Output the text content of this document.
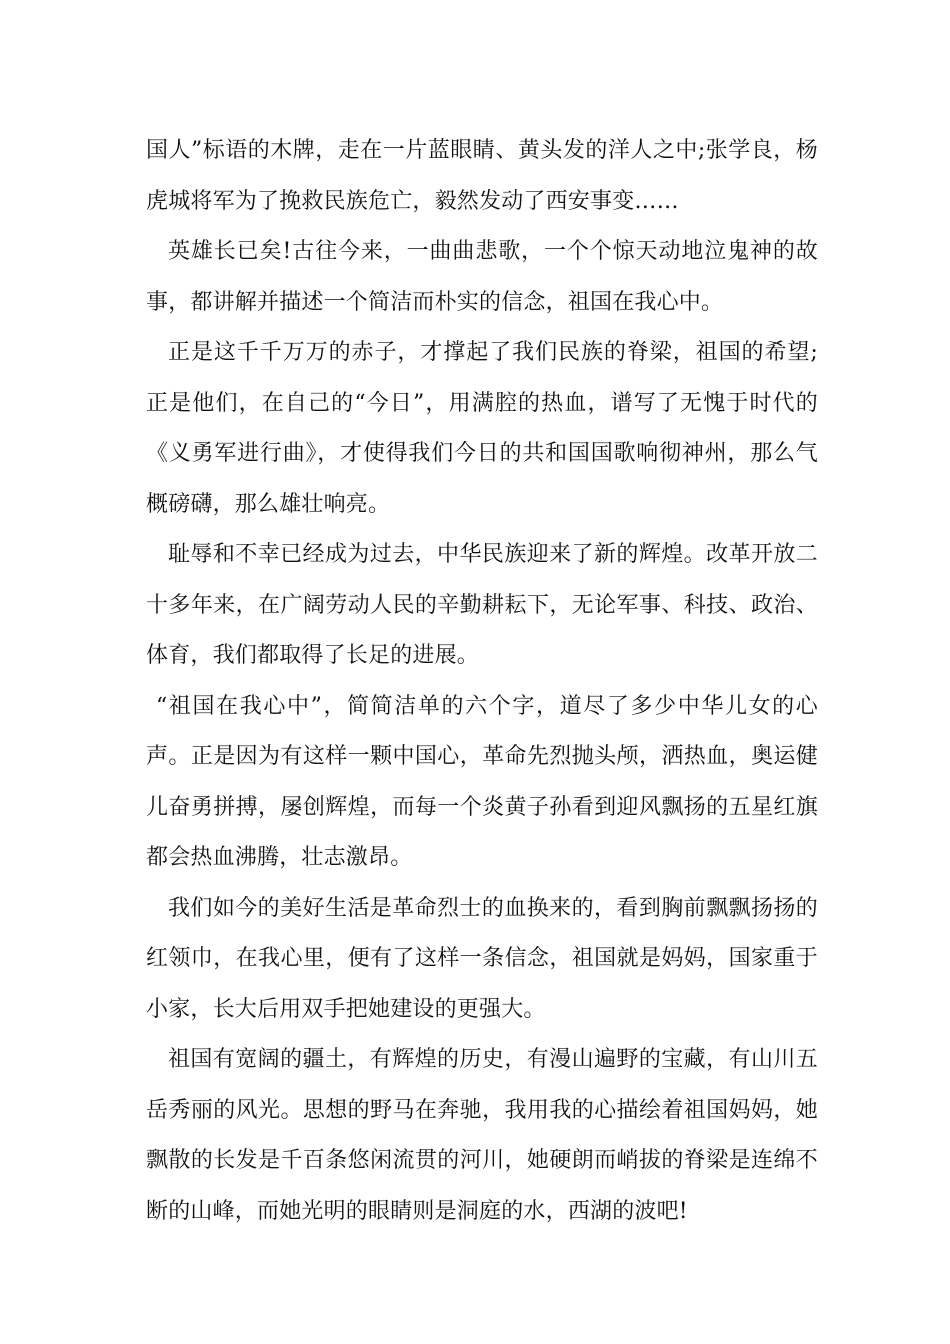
国人”标语的木牌，走在一片蓝眼睛、黄头发的洋人之中;张学良，杨虎城将军为了挽救民族危亡，毅然发动了西安事变……

英雄长已矣!古往今来，一曲曲悲歌，一个个惊天动地泣鬼神的故事，都讲解并描述一个简洁而朴实的信念，祖国在我心中。

正是这千千万万的赤子，才撑起了我们民族的脊梁，祖国的希望;正是他们，在自己的“今日”，用满腔的热血，谱写了无愧于时代的《义勇军进行曲》，才使得我们今日的共和国国歌响彻神州，那么气概磅礴，那么雄壮响亮。

耻辱和不幸已经成为过去，中华民族迎来了新的辉煌。改革开放二十多年来，在广阔劳动人民的辛勤耕耘下，无论军事、科技、政治、体育，我们都取得了长足的进展。

“祖国在我心中”，简简洁单的六个字，道尽了多少中华儿女的心声。正是因为有这样一颗中国心，革命先烈抛头颅，洒热血，奥运健儿奋勇拼搏，屡创辉煌，而每一个炎黄子孙看到迎风飘扬的五星红旗都会热血沸腾，壮志激昂。

我们如今的美好生活是革命烈士的血换来的，看到胸前飘飘扬扬的红领巾，在我心里，便有了这样一条信念，祖国就是妈妈，国家重于小家，长大后用双手把她建设的更强大。

祖国有宽阔的疆土，有辉煌的历史，有漫山遍野的宝藏，有山川五岳秀丽的风光。思想的野马在奔驰，我用我的心描绘着祖国妈妈，她飘散的长发是千百条悠闲流贯的河川，她硬朗而峭拔的脊梁是连绵不断的山峰，而她光明的眼睛则是洞庭的水，西湖的波吧!
